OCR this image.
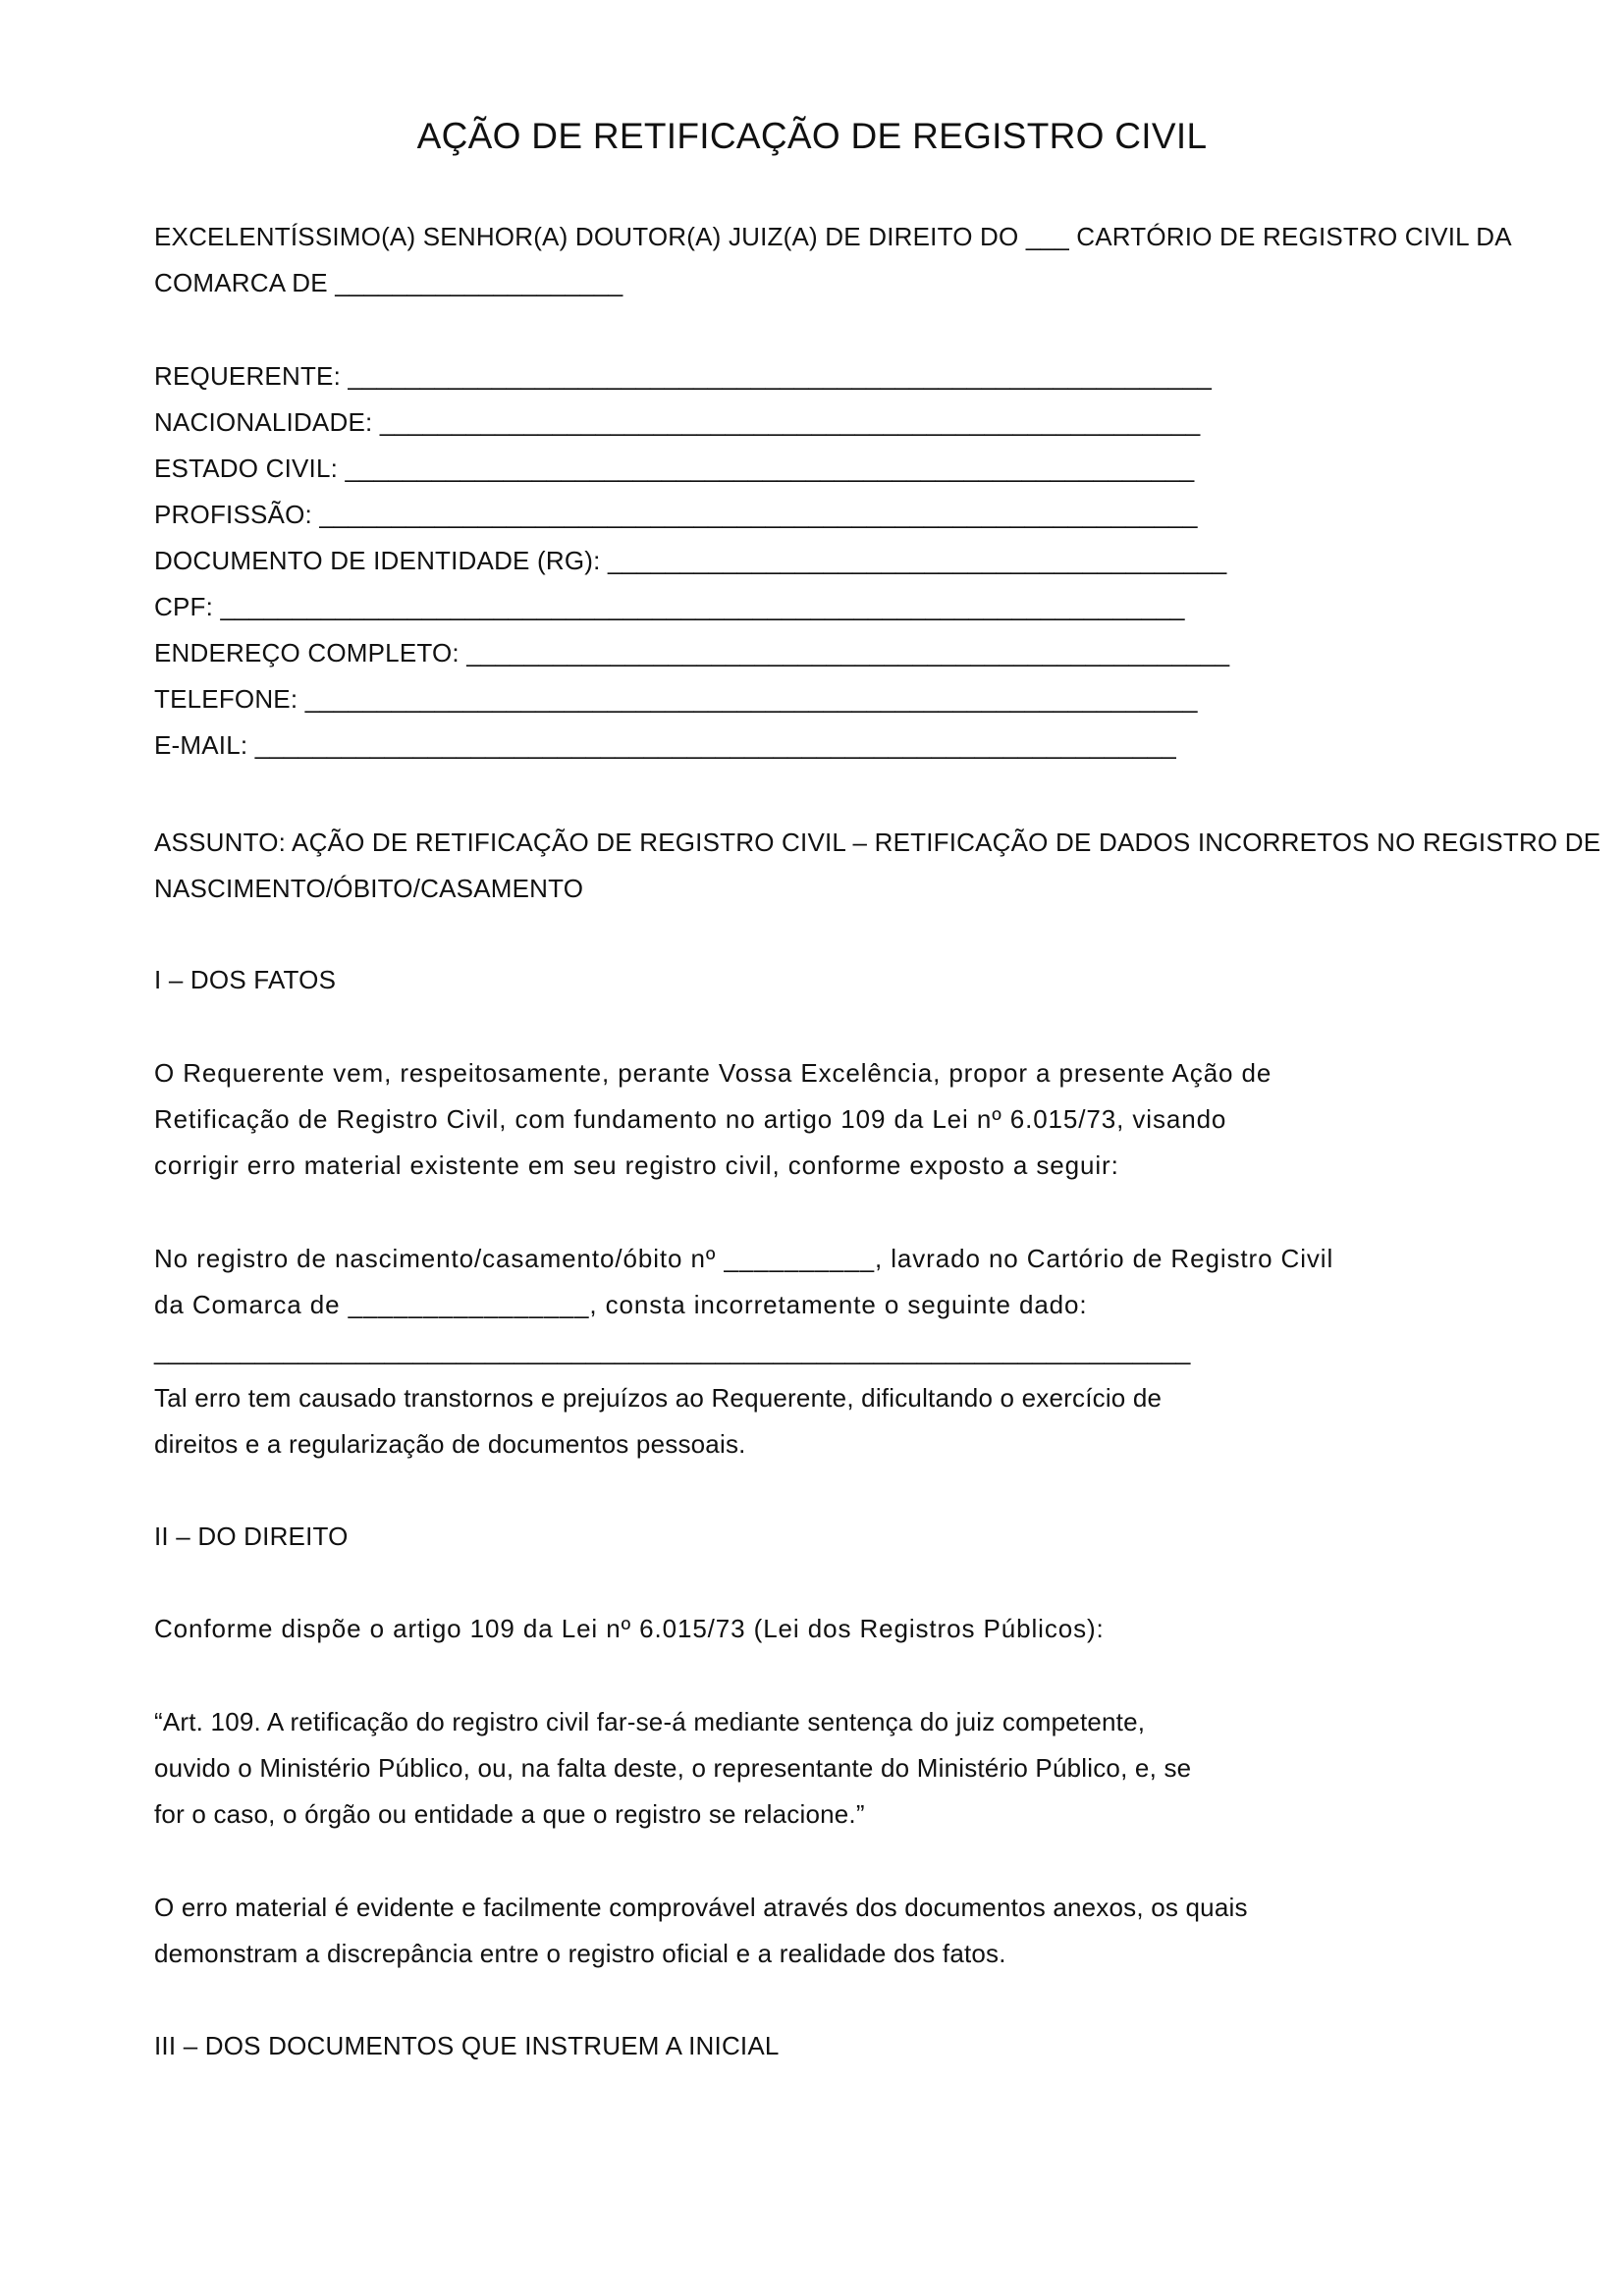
AÇÃO DE RETIFICAÇÃO DE REGISTRO CIVIL
EXCELENTÍSSIMO(A) SENHOR(A) DOUTOR(A) JUIZ(A) DE DIREITO DO ___ CARTÓRIO DE REGISTRO CIVIL DA
COMARCA DE ____________________
REQUERENTE: ____________________________________________________________
NACIONALIDADE: _________________________________________________________
ESTADO CIVIL: ___________________________________________________________
PROFISSÃO: _____________________________________________________________
DOCUMENTO DE IDENTIDADE (RG): ___________________________________________
CPF: ___________________________________________________________________
ENDEREÇO COMPLETO: _____________________________________________________
TELEFONE: ______________________________________________________________
E-MAIL: ________________________________________________________________
ASSUNTO: AÇÃO DE RETIFICAÇÃO DE REGISTRO CIVIL – RETIFICAÇÃO DE DADOS INCORRETOS NO REGISTRO DE
NASCIMENTO/ÓBITO/CASAMENTO
I – DOS FATOS
O Requerente vem, respeitosamente, perante Vossa Excelência, propor a presente Ação de
Retificação de Registro Civil, com fundamento no artigo 109 da Lei nº 6.015/73, visando
corrigir erro material existente em seu registro civil, conforme exposto a seguir:
No registro de nascimento/casamento/óbito nº __________, lavrado no Cartório de Registro Civil
da Comarca de ________________, consta incorretamente o seguinte dado:
________________________________________________________________________
Tal erro tem causado transtornos e prejuízos ao Requerente, dificultando o exercício de
direitos e a regularização de documentos pessoais.
II – DO DIREITO
Conforme dispõe o artigo 109 da Lei nº 6.015/73 (Lei dos Registros Públicos):
“Art. 109. A retificação do registro civil far-se-á mediante sentença do juiz competente,
ouvido o Ministério Público, ou, na falta deste, o representante do Ministério Público, e, se
for o caso, o órgão ou entidade a que o registro se relacione.”
O erro material é evidente e facilmente comprovável através dos documentos anexos, os quais
demonstram a discrepância entre o registro oficial e a realidade dos fatos.
III – DOS DOCUMENTOS QUE INSTRUEM A INICIAL
